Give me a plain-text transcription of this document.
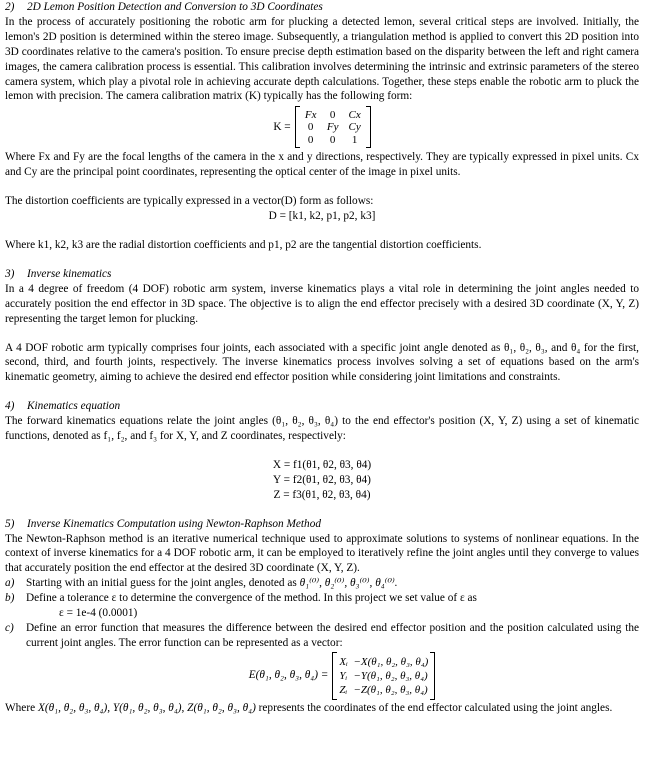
2) 2D Lemon Position Detection and Conversion to 3D Coordinates

In the process of accurately positioning the robotic arm for plucking a detected lemon, several critical steps are involved. Initially, the lemon's 2D position is determined within the stereo image. Subsequently, a triangulation method is applied to convert this 2D position into 3D coordinates relative to the camera's position. To ensure precise depth estimation based on the disparity between the left and right camera images, the camera calibration process is essential. This calibration involves determining the intrinsic and extrinsic parameters of the stereo camera system, which play a pivotal role in achieving accurate depth calculations. Together, these steps enable the robotic arm to pluck the lemon with precision. The camera calibration matrix (K) typically has the following form:

K =
Fx	0	Cx
0	Fy Cy
0	0	1

Where Fx and Fy are the focal lengths of the camera in the x and y directions, respectively. They are typically expressed in pixel units. Cx and Cy are the principal point coordinates, representing the optical center of the image in pixel units.

The distortion coefficients are typically expressed in a vector(D) form as follows:

D = [k1, k2, p1, p2, k3]

Where k1, k2, k3 are the radial distortion coefficients and p1, p2 are the tangential distortion coefficients.

3) Inverse kinematics

In a 4 degree of freedom (4 DOF) robotic arm system, inverse kinematics plays a vital role in determining the joint angles needed to accurately position the end effector in 3D space. The objective is to align the end effector precisely with a desired 3D coordinate (X, Y, Z) representing the target lemon for plucking.

A 4 DOF robotic arm typically comprises four joints, each associated with a specific joint angle denoted as θ₁, θ₂, θ₃, and θ₄ for the first, second, third, and fourth joints, respectively. The inverse kinematics process involves solving a set of equations based on the arm's kinematic geometry, aiming to achieve the desired end effector position while considering joint limitations and constraints.

4) Kinematics equation

The forward kinematics equations relate the joint angles (θ₁, θ₂, θ₃, θ₄) to the end effector's position (X, Y, Z) using a set of kinematic functions, denoted as f₁, f₂, and f₃ for X, Y, and Z coordinates, respectively:

X = f1(θ1, θ2, θ3, θ4)
Y = f2(θ1, θ2, θ3, θ4)
Z = f3(θ1, θ2, θ3, θ4)
5) Inverse Kinematics Computation using Newton-Raphson Method

The Newton-Raphson method is an iterative numerical technique used to approximate solutions to systems of nonlinear equations. In the context of inverse kinematics for a 4 DOF robotic arm, it can be employed to iteratively refine the joint angles until they converge to values that accurately position the end effector at the desired 3D coordinate (X, Y, Z).

a)	Starting with an initial guess for the joint angles, denoted as θ₁⁽⁰⁾, θ₂⁽⁰⁾, θ₃⁽⁰⁾, θ₄⁽⁰⁾.
b)	Define a tolerance ε to determine the convergence of the method. In this project we set value of ε as
ε = 1e-4 (0.0001)
c)	Define an error function that measures the difference between the desired end effector position and the position calculated using the current joint angles. The error function can be represented as a vector:
E(θ₁, θ₂, θ₃, θ₄) =
Xᵢ −X(θ₁, θ₂, θ₃, θ₄)
Yᵢ −Y(θ₁, θ₂, θ₃, θ₄)
Zᵢ −Z(θ₁, θ₂, θ₃, θ₄)

Where X(θ₁, θ₂, θ₃, θ₄), Y(θ₁, θ₂, θ₃, θ₄), Z(θ₁, θ₂, θ₃, θ₄) represents the coordinates of the end effector calculated using the joint angles.
